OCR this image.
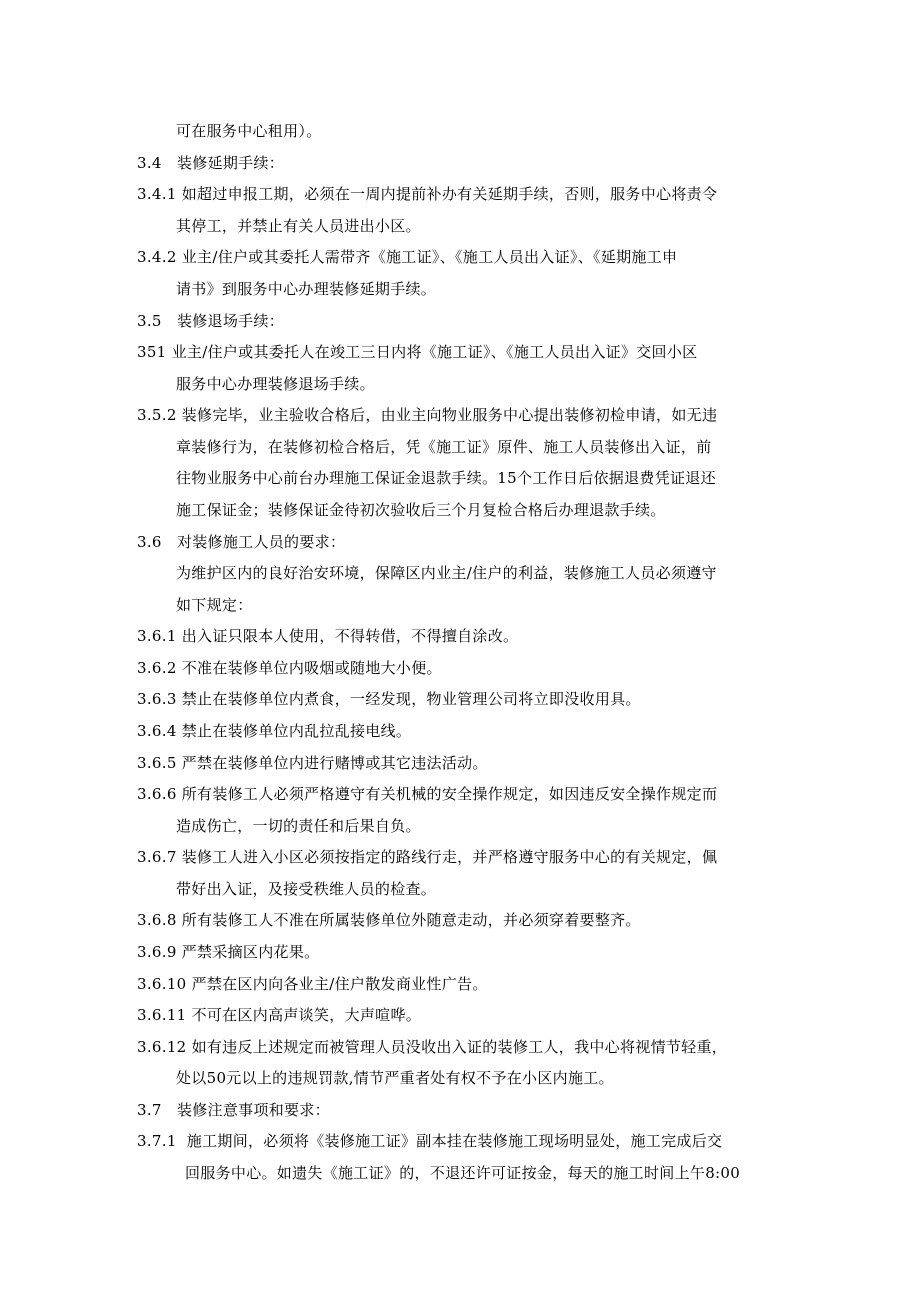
可在服务中心租用）。
3.4   装修延期手续：
3.4.1 如超过申报工期，必须在一周内提前补办有关延期手续，否则，服务中心将责令
其停工，并禁止有关人员进出小区。
3.4.2 业主/住户或其委托人需带齐《施工证》、《施工人员出入证》、《延期施工申
请书》到服务中心办理装修延期手续。
3.5   装修退场手续：
351 业主/住户或其委托人在竣工三日内将《施工证》、《施工人员出入证》交回小区
服务中心办理装修退场手续。
3.5.2 装修完毕，业主验收合格后，由业主向物业服务中心提出装修初检申请，如无违
章装修行为，在装修初检合格后，凭《施工证》原件、施工人员装修出入证，前
往物业服务中心前台办理施工保证金退款手续。15个工作日后依据退费凭证退还
施工保证金；装修保证金待初次验收后三个月复检合格后办理退款手续。
3.6   对装修施工人员的要求：
为维护区内的良好治安环境，保障区内业主/住户的利益，装修施工人员必须遵守
如下规定：
3.6.1 出入证只限本人使用，不得转借，不得擅自涂改。
3.6.2 不准在装修单位内吸烟或随地大小便。
3.6.3 禁止在装修单位内煮食，一经发现，物业管理公司将立即没收用具。
3.6.4 禁止在装修单位内乱拉乱接电线。
3.6.5 严禁在装修单位内进行赌博或其它违法活动。
3.6.6 所有装修工人必须严格遵守有关机械的安全操作规定，如因违反安全操作规定而
造成伤亡，一切的责任和后果自负。
3.6.7 装修工人进入小区必须按指定的路线行走，并严格遵守服务中心的有关规定，佩
带好出入证，及接受秩维人员的检查。
3.6.8 所有装修工人不准在所属装修单位外随意走动，并必须穿着要整齐。
3.6.9 严禁采摘区内花果。
3.6.10 严禁在区内向各业主/住户散发商业性广告。
3.6.11 不可在区内高声谈笑，大声喧哗。
3.6.12 如有违反上述规定而被管理人员没收出入证的装修工人，我中心将视情节轻重，
处以50元以上的违规罚款,情节严重者处有权不予在小区内施工。
3.7   装修注意事项和要求：
3.7.1  施工期间，必须将《装修施工证》副本挂在装修施工现场明显处，施工完成后交
回服务中心。如遗失《施工证》的，不退还许可证按金，每天的施工时间上午8:00
